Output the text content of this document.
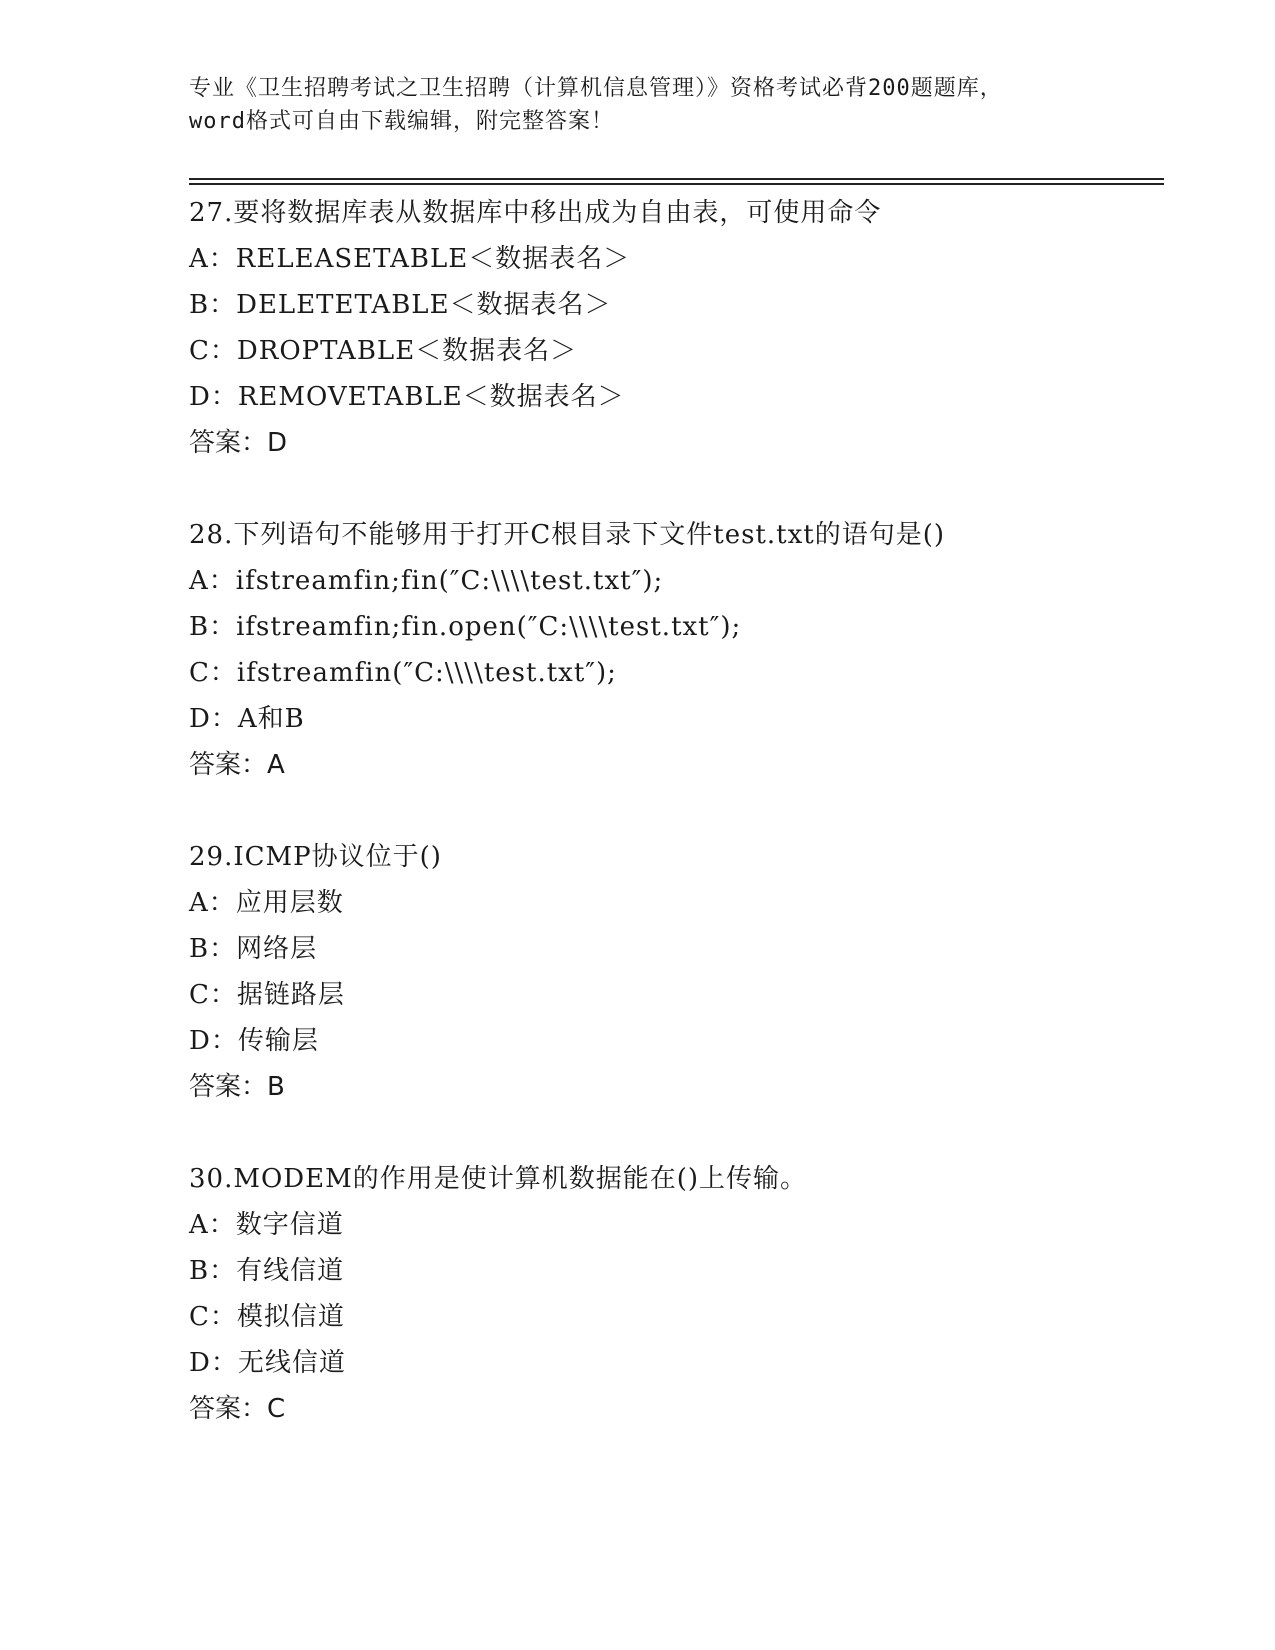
专业《卫生招聘考试之卫生招聘（计算机信息管理）》资格考试必背200题题库，
word格式可自由下载编辑，附完整答案！
27.要将数据库表从数据库中移出成为自由表，可使用命令
A：RELEASETABLE＜数据表名＞
B：DELETETABLE＜数据表名＞
C：DROPTABLE＜数据表名＞
D：REMOVETABLE＜数据表名＞
答案：D
28.下列语句不能够用于打开C根目录下文件test.txt的语句是()
A：ifstreamfin;fin(″C:\\\\test.txt″);
B：ifstreamfin;fin.open(″C:\\\\test.txt″);
C：ifstreamfin(″C:\\\\test.txt″);
D：A和B
答案：A
29.ICMP协议位于()
A：应用层数
B：网络层
C：据链路层
D：传输层
答案：B
30.MODEM的作用是使计算机数据能在()上传输。
A：数字信道
B：有线信道
C：模拟信道
D：无线信道
答案：C
